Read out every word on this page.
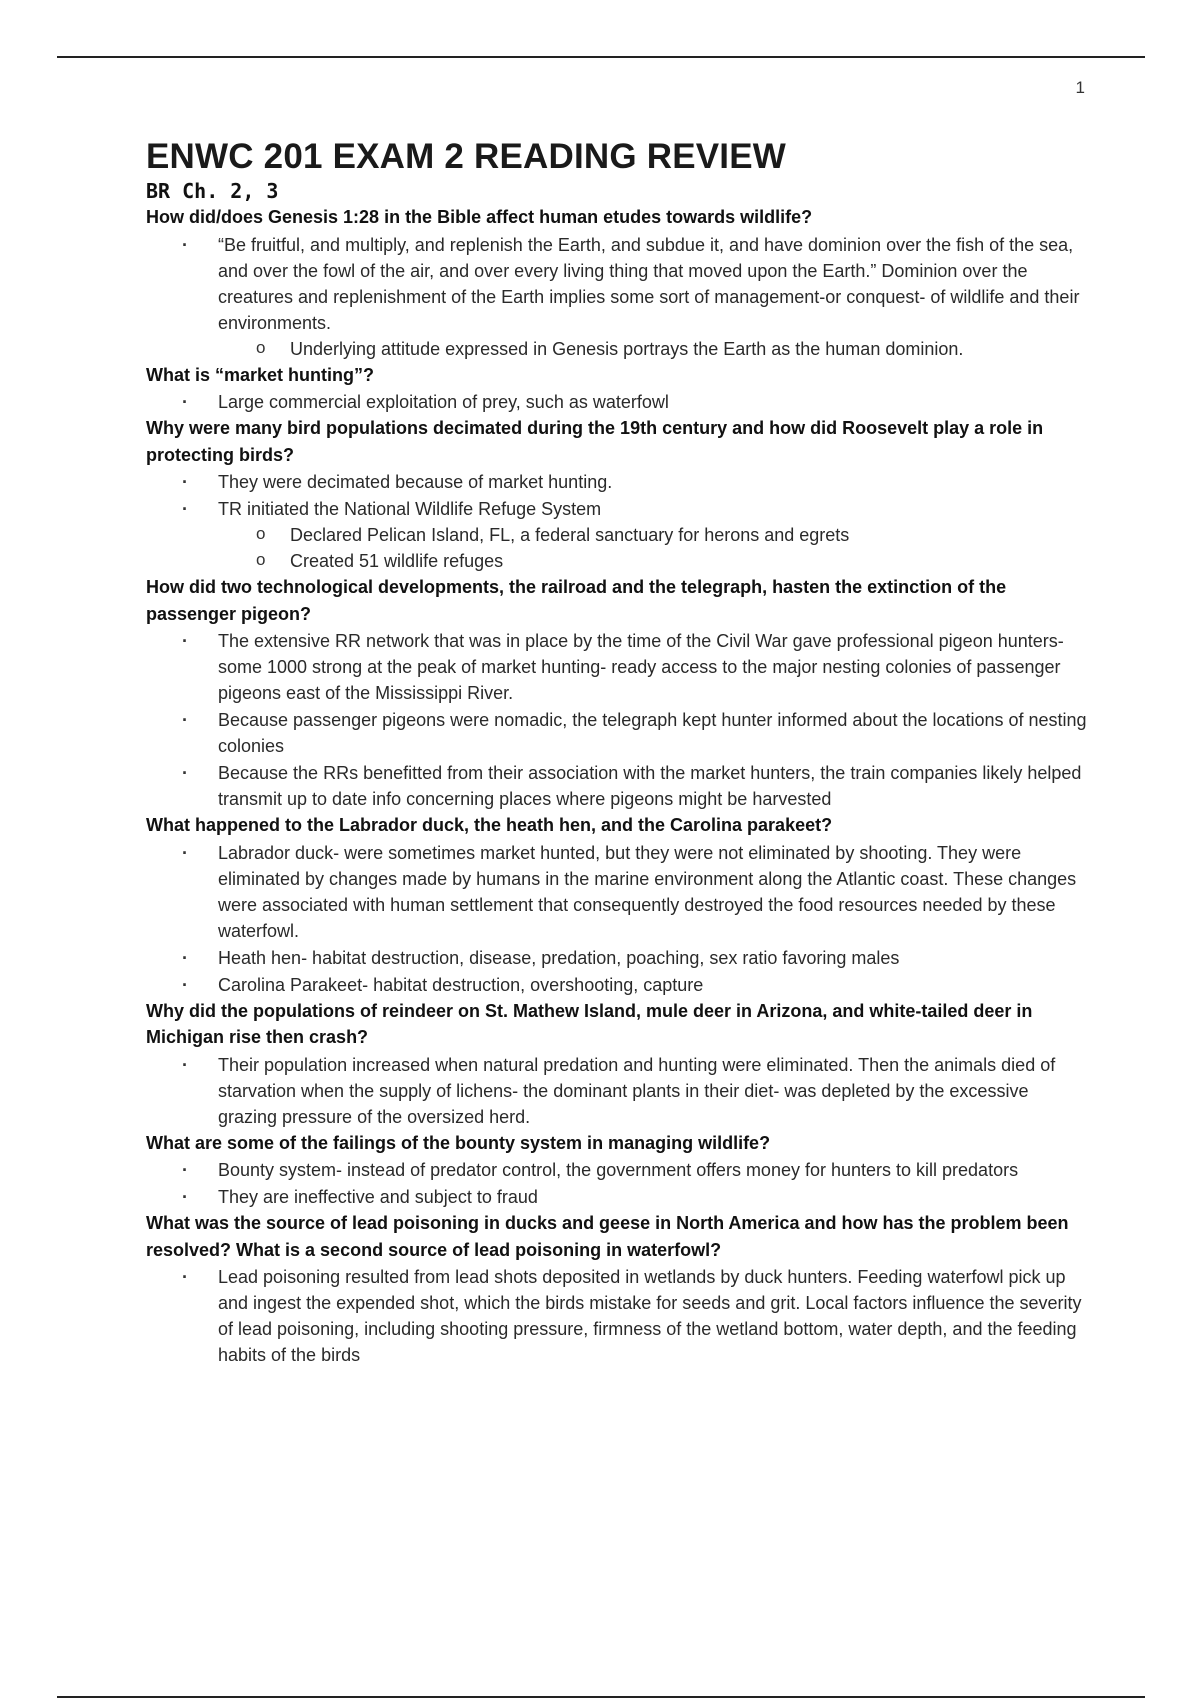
1
ENWC 201 EXAM 2 READING REVIEW
BR Ch. 2, 3
How did/does Genesis 1:28 in the Bible affect human etudes towards wildlife?
· “Be fruitful, and multiply, and replenish the Earth, and subdue it, and have dominion over the fish of the sea, and over the fowl of the air, and over every living thing that moved upon the Earth.” Dominion over the creatures and replenishment of the Earth implies some sort of management-or conquest- of wildlife and their environments.
o Underlying attitude expressed in Genesis portrays the Earth as the human dominion.
What is “market hunting”?
· Large commercial exploitation of prey, such as waterfowl
Why were many bird populations decimated during the 19th century and how did Roosevelt play a role in protecting birds?
· They were decimated because of market hunting.
· TR initiated the National Wildlife Refuge System
o Declared Pelican Island, FL, a federal sanctuary for herons and egrets
o Created 51 wildlife refuges
How did two technological developments, the railroad and the telegraph, hasten the extinction of the passenger pigeon?
· The extensive RR network that was in place by the time of the Civil War gave professional pigeon hunters-some 1000 strong at the peak of market hunting- ready access to the major nesting colonies of passenger pigeons east of the Mississippi River.
· Because passenger pigeons were nomadic, the telegraph kept hunter informed about the locations of nesting colonies
· Because the RRs benefitted from their association with the market hunters, the train companies likely helped transmit up to date info concerning places where pigeons might be harvested
What happened to the Labrador duck, the heath hen, and the Carolina parakeet?
· Labrador duck- were sometimes market hunted, but they were not eliminated by shooting. They were eliminated by changes made by humans in the marine environment along the Atlantic coast. These changes were associated with human settlement that consequently destroyed the food resources needed by these waterfowl.
· Heath hen- habitat destruction, disease, predation, poaching, sex ratio favoring males
· Carolina Parakeet- habitat destruction, overshooting, capture
Why did the populations of reindeer on St. Mathew Island, mule deer in Arizona, and white-tailed deer in Michigan rise then crash?
· Their population increased when natural predation and hunting were eliminated. Then the animals died of starvation when the supply of lichens- the dominant plants in their diet- was depleted by the excessive grazing pressure of the oversized herd.
What are some of the failings of the bounty system in managing wildlife?
· Bounty system- instead of predator control, the government offers money for hunters to kill predators
· They are ineffective and subject to fraud
What was the source of lead poisoning in ducks and geese in North America and how has the problem been resolved? What is a second source of lead poisoning in waterfowl?
· Lead poisoning resulted from lead shots deposited in wetlands by duck hunters. Feeding waterfowl pick up and ingest the expended shot, which the birds mistake for seeds and grit. Local factors influence the severity of lead poisoning, including shooting pressure, firmness of the wetland bottom, water depth, and the feeding habits of the birds
